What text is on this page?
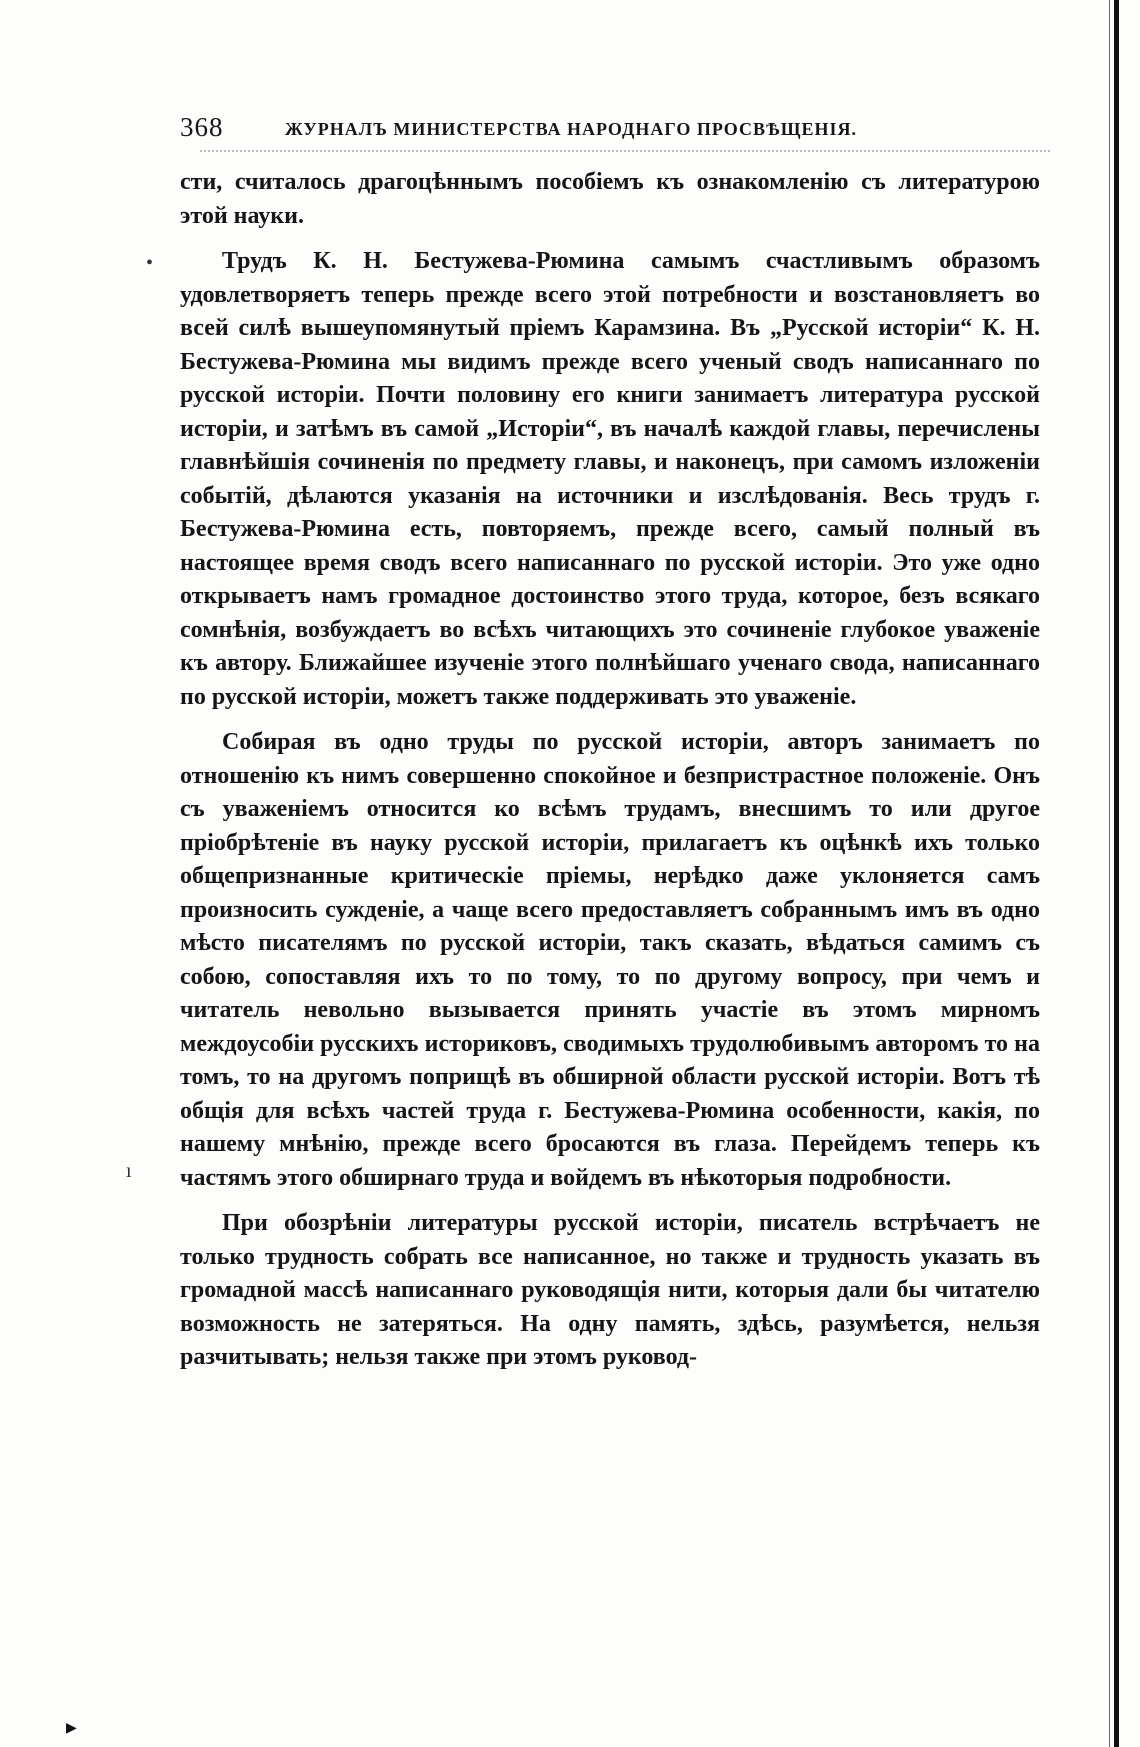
368	ЖУРНАЛЪ МИНИСТЕРСТВА НАРОДНАГО ПРОСВѢЩЕНІЯ.
•
ı
▶

сти, считалось драгоцѣннымъ пособіемъ къ ознакомленію съ литературою этой науки.

Трудъ К. Н. Бестужева-Рюмина самымъ счастливымъ образомъ удовлетворяетъ теперь прежде всего этой потребности и возстановляетъ во всей силѣ вышеупомянутый пріемъ Карамзина. Въ „Русской исторіи“ К. Н. Бестужева-Рюмина мы видимъ прежде всего ученый сводъ написаннаго по русской исторіи. Почти половину его книги занимаетъ литература русской исторіи, и затѣмъ въ самой „Исторіи“, въ началѣ каждой главы, перечислены главнѣйшія сочиненія по предмету главы, и наконецъ, при самомъ изложеніи событій, дѣлаются указанія на источники и изслѣдованія. Весь трудъ г. Бестужева-Рюмина есть, повторяемъ, прежде всего, самый полный въ настоящее время сводъ всего написаннаго по русской исторіи. Это уже одно открываетъ намъ громадное достоинство этого труда, которое, безъ всякаго сомнѣнія, возбуждаетъ во всѣхъ читающихъ это сочиненіе глубокое уваженіе къ автору. Ближайшее изученіе этого полнѣйшаго ученаго свода, написаннаго по русской исторіи, можетъ также поддерживать это уваженіе.

Собирая въ одно труды по русской исторіи, авторъ занимаетъ по отношенію къ нимъ совершенно спокойное и безпристрастное положеніе. Онъ съ уваженіемъ относится ко всѣмъ трудамъ, внесшимъ то или другое пріобрѣтеніе въ науку русской исторіи, прилагаетъ къ оцѣнкѣ ихъ только общепризнанные критическіе пріемы, нерѣдко даже уклоняется самъ произносить сужденіе, а чаще всего предоставляетъ собраннымъ имъ въ одно мѣсто писателямъ по русской исторіи, такъ сказать, вѣдаться самимъ съ собою, сопоставляя ихъ то по тому, то по другому вопросу, при чемъ и читатель невольно вызывается принять участіе въ этомъ мирномъ междоусобіи русскихъ историковъ, сводимыхъ трудолюбивымъ авторомъ то на томъ, то на другомъ поприщѣ въ обширной области русской исторіи. Вотъ тѣ общія для всѣхъ частей труда г. Бестужева-Рюмина особенности, какія, по нашему мнѣнію, прежде всего бросаются въ глаза. Перейдемъ теперь къ частямъ этого обширнаго труда и войдемъ въ нѣкоторыя подробности.

При обозрѣніи литературы русской исторіи, писатель встрѣчаетъ не только трудность собрать все написанное, но также и трудность указать въ громадной массѣ написаннаго руководящія нити, которыя дали бы читателю возможность не затеряться. На одну память, здѣсь, разумѣется, нельзя разчитывать; нельзя также при этомъ руковод-
